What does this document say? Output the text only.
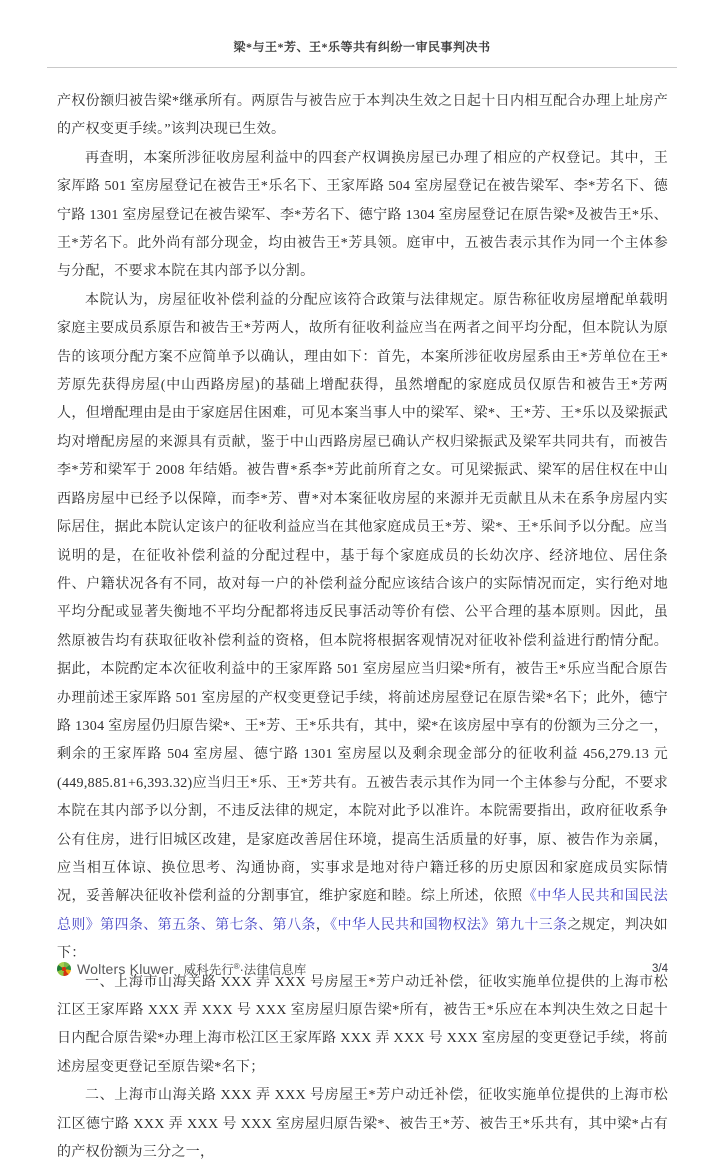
梁*与王*芳、王*乐等共有纠纷一审民事判决书

产权份额归被告梁*继承所有。两原告与被告应于本判决生效之日起十日内相互配合办理上址房产的产权变更手续。”该判决现已生效。

再查明，本案所涉征收房屋利益中的四套产权调换房屋已办理了相应的产权登记。其中，王家厍路 501 室房屋登记在被告王*乐名下、王家厍路 504 室房屋登记在被告梁军、李*芳名下、德宁路 1301 室房屋登记在被告梁军、李*芳名下、德宁路 1304 室房屋登记在原告梁*及被告王*乐、王*芳名下。此外尚有部分现金，均由被告王*芳具领。庭审中，五被告表示其作为同一个主体参与分配，不要求本院在其内部予以分割。

本院认为，房屋征收补偿利益的分配应该符合政策与法律规定。原告称征收房屋增配单载明家庭主要成员系原告和被告王*芳两人，故所有征收利益应当在两者之间平均分配，但本院认为原告的该项分配方案不应简单予以确认，理由如下：首先，本案所涉征收房屋系由王*芳单位在王*芳原先获得房屋(中山西路房屋)的基础上增配获得，虽然增配的家庭成员仅原告和被告王*芳两人，但增配理由是由于家庭居住困难，可见本案当事人中的梁军、梁*、王*芳、王*乐以及梁振武均对增配房屋的来源具有贡献，鉴于中山西路房屋已确认产权归梁振武及梁军共同共有，而被告李*芳和梁军于 2008 年结婚。被告曹*系李*芳此前所育之女。可见梁振武、梁军的居住权在中山西路房屋中已经予以保障，而李*芳、曹*对本案征收房屋的来源并无贡献且从未在系争房屋内实际居住，据此本院认定该户的征收利益应当在其他家庭成员王*芳、梁*、王*乐间予以分配。应当说明的是，在征收补偿利益的分配过程中，基于每个家庭成员的长幼次序、经济地位、居住条件、户籍状况各有不同，故对每一户的补偿利益分配应该结合该户的实际情况而定，实行绝对地平均分配或显著失衡地不平均分配都将违反民事活动等价有偿、公平合理的基本原则。因此，虽然原被告均有获取征收补偿利益的资格，但本院将根据客观情况对征收补偿利益进行酌情分配。据此，本院酌定本次征收利益中的王家厍路 501 室房屋应当归梁*所有，被告王*乐应当配合原告办理前述王家厍路 501 室房屋的产权变更登记手续，将前述房屋登记在原告梁*名下；此外，德宁路 1304 室房屋仍归原告梁*、王*芳、王*乐共有，其中，梁*在该房屋中享有的份额为三分之一，剩余的王家厍路 504 室房屋、德宁路 1301 室房屋以及剩余现金部分的征收利益 456,279.13 元(449,885.81+6,393.32)应当归王*乐、王*芳共有。五被告表示其作为同一个主体参与分配，不要求本院在其内部予以分割，不违反法律的规定，本院对此予以准许。本院需要指出，政府征收系争公有住房，进行旧城区改建，是家庭改善居住环境，提高生活质量的好事，原、被告作为亲属，应当相互体谅、换位思考、沟通协商，实事求是地对待户籍迁移的历史原因和家庭成员实际情况，妥善解决征收补偿利益的分割事宜，维护家庭和睦。综上所述，依照《中华人民共和国民法总则》第四条、第五条、第七条、第八条，《中华人民共和国物权法》第九十三条之规定，判决如下：

一、上海市山海关路 XXX 弄 XXX 号房屋王*芳户动迁补偿，征收实施单位提供的上海市松江区王家厍路 XXX 弄 XXX 号 XXX 室房屋归原告梁*所有，被告王*乐应在本判决生效之日起十日内配合原告梁*办理上海市松江区王家厍路 XXX 弄 XXX 号 XXX 室房屋的变更登记手续，将前述房屋变更登记至原告梁*名下；

二、上海市山海关路 XXX 弄 XXX 号房屋王*芳户动迁补偿，征收实施单位提供的上海市松江区德宁路 XXX 弄 XXX 号 XXX 室房屋归原告梁*、被告王*芳、被告王*乐共有，其中梁*占有的产权份额为三分之一，

Wolters Kluwer 威科先行®·法律信息库	3/4
